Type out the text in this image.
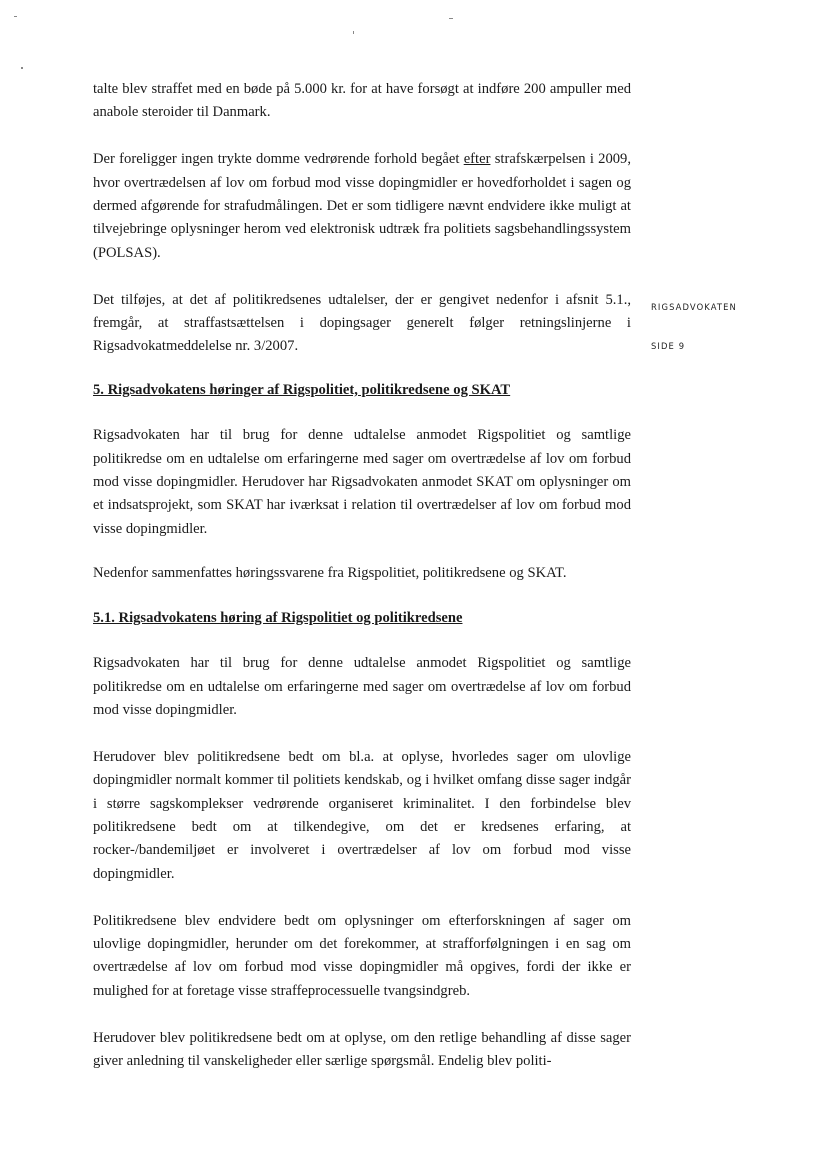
RIGSADVOKATEN
SIDE 9

talte blev straffet med en bøde på 5.000 kr. for at have forsøgt at indføre 200 ampuller med anabole steroider til Danmark.

Der foreligger ingen trykte domme vedrørende forhold begået efter strafskærpelsen i 2009, hvor overtrædelsen af lov om forbud mod visse dopingmidler er hovedforholdet i sagen og dermed afgørende for strafudmålingen. Det er som tidligere nævnt endvidere ikke muligt at tilvejebringe oplysninger herom ved elektronisk udtræk fra politiets sagsbehandlingssystem (POLSAS).

Det tilføjes, at det af politikredsenes udtalelser, der er gengivet nedenfor i afsnit 5.1., fremgår, at straffastsættelsen i dopingsager generelt følger retningslinjerne i Rigsadvokatmeddelelse nr. 3/2007.

5. Rigsadvokatens høringer af Rigspolitiet, politikredsene og SKAT

Rigsadvokaten har til brug for denne udtalelse anmodet Rigspolitiet og samtlige politikredse om en udtalelse om erfaringerne med sager om overtrædelse af lov om forbud mod visse dopingmidler. Herudover har Rigsadvokaten anmodet SKAT om oplysninger om et indsatsprojekt, som SKAT har iværksat i relation til overtrædelser af lov om forbud mod visse dopingmidler.

Nedenfor sammenfattes høringssvarene fra Rigspolitiet, politikredsene og SKAT.

5.1. Rigsadvokatens høring af Rigspolitiet og politikredsene

Rigsadvokaten har til brug for denne udtalelse anmodet Rigspolitiet og samtlige politikredse om en udtalelse om erfaringerne med sager om overtrædelse af lov om forbud mod visse dopingmidler.

Herudover blev politikredsene bedt om bl.a. at oplyse, hvorledes sager om ulovlige dopingmidler normalt kommer til politiets kendskab, og i hvilket omfang disse sager indgår i større sagskomplekser vedrørende organiseret kriminalitet. I den forbindelse blev politikredsene bedt om at tilkendegive, om det er kredsenes erfaring, at rocker-/bandemiljøet er involveret i overtrædelser af lov om forbud mod visse dopingmidler.

Politikredsene blev endvidere bedt om oplysninger om efterforskningen af sager om ulovlige dopingmidler, herunder om det forekommer, at strafforfølgningen i en sag om overtrædelse af lov om forbud mod visse dopingmidler må opgives, fordi der ikke er mulighed for at foretage visse straffeprocessuelle tvangsindgreb.

Herudover blev politikredsene bedt om at oplyse, om den retlige behandling af disse sager giver anledning til vanskeligheder eller særlige spørgsmål. Endelig blev politi-
